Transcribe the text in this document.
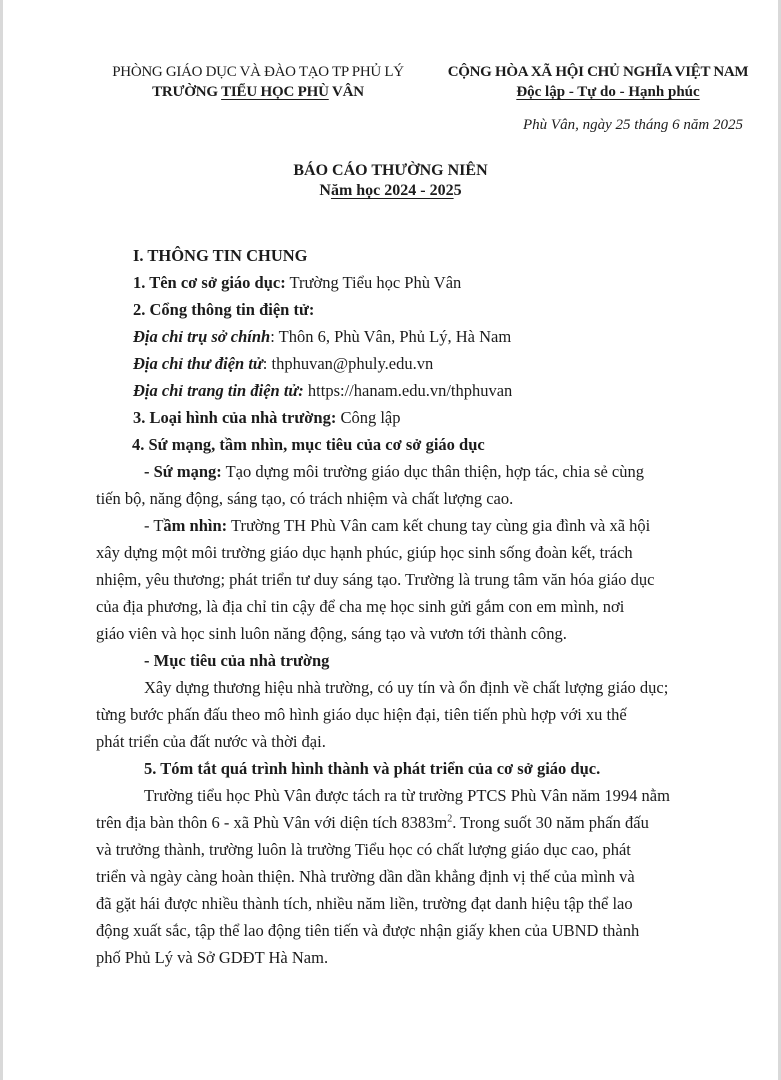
PHÒNG GIÁO DỤC VÀ ĐÀO TẠO TP PHỦ LÝ
TRƯỜNG TIỂU HỌC PHÙ VÂN
CỘNG HÒA XÃ HỘI CHỦ NGHĨA VIỆT NAM
Độc lập - Tự do - Hạnh phúc
Phù Vân, ngày 25 tháng 6 năm 2025
BÁO CÁO THƯỜNG NIÊN
Năm học 2024 - 2025
I. THÔNG TIN CHUNG
1. Tên cơ sở giáo dục: Trường Tiểu học Phù Vân
2. Cổng thông tin điện tử:
Địa chỉ trụ sở chính: Thôn 6, Phù Vân, Phủ Lý, Hà Nam
Địa chỉ thư điện tử: thphuvan@phuly.edu.vn
Địa chỉ trang tin điện tử: https://hanam.edu.vn/thphuvan
3. Loại hình của nhà trường: Công lập
4. Sứ mạng, tầm nhìn, mục tiêu của cơ sở giáo dục
- Sứ mạng: Tạo dựng môi trường giáo dục thân thiện, hợp tác, chia sẻ cùng
tiến bộ, năng động, sáng tạo, có trách nhiệm và chất lượng cao.
- Tầm nhìn: Trường TH Phù Vân cam kết chung tay cùng gia đình và xã hội
xây dựng một môi trường giáo dục hạnh phúc, giúp học sinh sống đoàn kết, trách
nhiệm, yêu thương; phát triển tư duy sáng tạo. Trường là trung tâm văn hóa giáo dục
của địa phương, là địa chỉ tin cậy để cha mẹ học sinh gửi gắm con em mình, nơi
giáo viên và học sinh luôn năng động, sáng tạo và vươn tới thành công.
- Mục tiêu của nhà trường
Xây dựng thương hiệu nhà trường, có uy tín và ổn định về chất lượng giáo dục;
từng bước phấn đấu theo mô hình giáo dục hiện đại, tiên tiến phù hợp với xu thế
phát triển của đất nước và thời đại.
5. Tóm tắt quá trình hình thành và phát triển của cơ sở giáo dục.
Trường tiểu học Phù Vân được tách ra từ trường PTCS Phù Vân năm 1994 nằm
trên địa bàn thôn 6 - xã Phù Vân với diện tích $8383m^2$. Trong suốt 30 năm phấn đấu
và trưởng thành, trường luôn là trường Tiểu học có chất lượng giáo dục cao, phát
triển và ngày càng hoàn thiện. Nhà trường dần dần khẳng định vị thế của mình và
đã gặt hái được nhiều thành tích, nhiều năm liền, trường đạt danh hiệu tập thể lao
động xuất sắc, tập thể lao động tiên tiến và được nhận giấy khen của UBND thành
phố Phủ Lý và Sở GDĐT Hà Nam.
